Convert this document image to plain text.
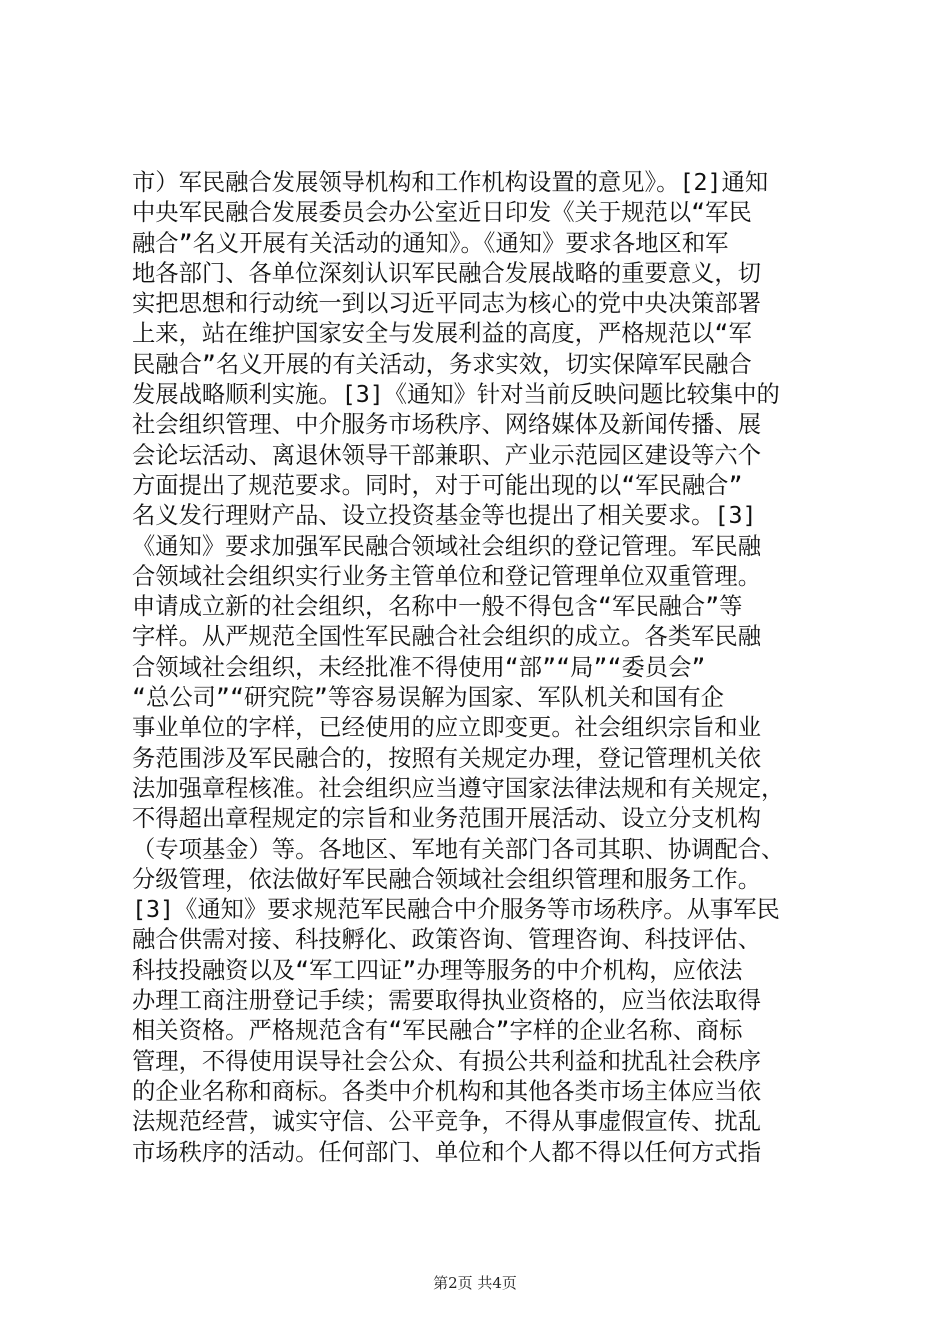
市）军民融合发展领导机构和工作机构设置的意见》。[2]通知
中央军民融合发展委员会办公室近日印发《关于规范以“军民
融合”名义开展有关活动的通知》。《通知》要求各地区和军
地各部门、各单位深刻认识军民融合发展战略的重要意义，切
实把思想和行动统一到以习近平同志为核心的党中央决策部署
上来，站在维护国家安全与发展利益的高度，严格规范以“军
民融合”名义开展的有关活动，务求实效，切实保障军民融合
发展战略顺利实施。[3]《通知》针对当前反映问题比较集中的
社会组织管理、中介服务市场秩序、网络媒体及新闻传播、展
会论坛活动、离退休领导干部兼职、产业示范园区建设等六个
方面提出了规范要求。同时，对于可能出现的以“军民融合”
名义发行理财产品、设立投资基金等也提出了相关要求。[3]
《通知》要求加强军民融合领域社会组织的登记管理。军民融
合领域社会组织实行业务主管单位和登记管理单位双重管理。
申请成立新的社会组织，名称中一般不得包含“军民融合”等
字样。从严规范全国性军民融合社会组织的成立。各类军民融
合领域社会组织，未经批准不得使用“部”“局”“委员会”
“总公司”“研究院”等容易误解为国家、军队机关和国有企
事业单位的字样，已经使用的应立即变更。社会组织宗旨和业
务范围涉及军民融合的，按照有关规定办理，登记管理机关依
法加强章程核准。社会组织应当遵守国家法律法规和有关规定，
不得超出章程规定的宗旨和业务范围开展活动、设立分支机构
（专项基金）等。各地区、军地有关部门各司其职、协调配合、
分级管理，依法做好军民融合领域社会组织管理和服务工作。
[3]《通知》要求规范军民融合中介服务等市场秩序。从事军民
融合供需对接、科技孵化、政策咨询、管理咨询、科技评估、
科技投融资以及“军工四证”办理等服务的中介机构，应依法
办理工商注册登记手续；需要取得执业资格的，应当依法取得
相关资格。严格规范含有“军民融合”字样的企业名称、商标
管理，不得使用误导社会公众、有损公共利益和扰乱社会秩序
的企业名称和商标。各类中介机构和其他各类市场主体应当依
法规范经营，诚实守信、公平竞争，不得从事虚假宣传、扰乱
市场秩序的活动。任何部门、单位和个人都不得以任何方式指
第2页 共4页
